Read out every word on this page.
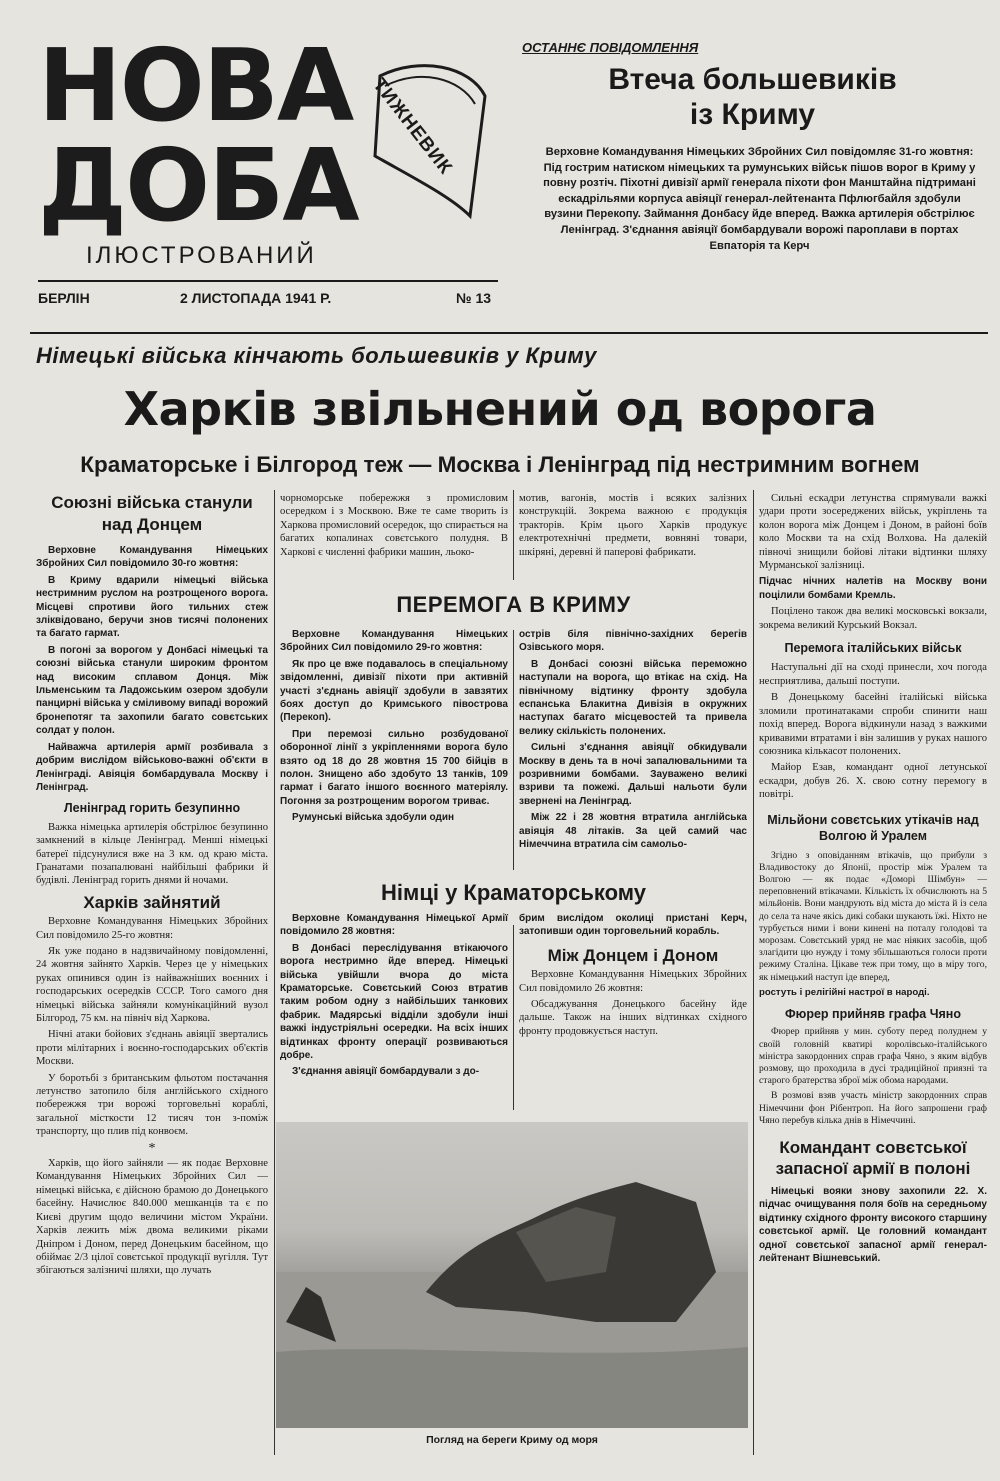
НОВА
ДОБА
ТИЖНЕВИК
ІЛЮСТРОВАНИЙ
БЕРЛІН	2 ЛИСТОПАДА 1941 Р.	№ 13
ОСТАННЄ ПОВІДОМЛЕННЯ
Втеча большевиків
із Криму

Верховне Командування Німецьких Збройних Сил повідомляє 31-го жовтня: Під гострим натиском німецьких та румунських військ пішов ворог в Криму у повну розтіч. Піхотні дивізії армії генерала піхоти фон Манштайна підтримані ескадрільями корпуса авіяції генерал-лейтенанта Пфлюгбайля здобули вузини Перекопу. Займання Донбасу йде вперед. Важка артилерія обстрілює Ленінград. З'єднання авіяції бомбардували ворожі пароплави в портах Евпаторія та Керч

Німецькі війська кінчають большевиків у Криму
Харків звільнений од ворога
Краматорське і Білгород теж — Москва і Ленінград під нестримним вогнем
Союзні війська станули над Донцем

Верховне Командування Німецьких Збройних Сил повідомило 30-го жовтня:

В Криму вдарили німецькі війська нестримним руслом на розтрощеного ворога. Місцеві спротиви його тильних стеж зліквідовано, беручи знов тисячі полонених та багато гармат.

В погоні за ворогом у Донбасі німецькі та союзні війська станули широким фронтом над високим сплавом Донця. Між Ільменським та Ладожським озером здобули панцирні війська у сміливому випаді ворожий бронепотяг та захопили багато совєтських солдат у полон.

Найважча артилерія армії розбивала з добрим вислідом військово-важні об'єкти в Ленінграді. Авіяція бомбардувала Москву і Ленінград.

Ленінград горить безупинно

Важка німецька артилерія обстрілює безупинно замкнений в кільце Ленінград. Менші німецькі батереї підсунулися вже на 3 км. од краю міста. Гранатами позапалювані найбільші фабрики й будівлі. Ленінград горить днями й ночами.

Харків зайнятий

Верховне Командування Німецьких Збройних Сил повідомило 25-го жовтня:

Як уже подано в надзвичайному повідомленні, 24 жовтня зайнято Харків. Через це у німецьких руках опинився один із найважніших воєнних і господарських осередків СССР. Того самого дня німецькі війська зайняли комунікаційний вузол Білгород, 75 км. на північ від Харкова.

Нічні атаки бойових з'єднань авіяції звертались проти мілітарних і воєнно-господарських об'єктів Москви.

У боротьбі з британським фльотом постачання летунство затопило біля англійського східного побережжя три ворожі торговельні кораблі, загальної місткости 12 тисяч тон з-поміж транспорту, що плив під конвоєм.

*

Харків, що його зайняли — як подає Верховне Командування Німецьких Збройних Сил — німецькі війська, є дійсною брамою до Донецького басейну. Начислює 840.000 мешканців та є по Києві другим щодо величини містом України. Харків лежить між двома великими ріками Дніпром і Доном, перед Донецьким басейном, що обіймає 2/3 цілої совєтської продукції вугілля. Тут збігаються залізничі шляхи, що лучать

чорноморське побережжя з промисловим осередком і з Москвою. Вже те саме творить із Харкова промисловий осередок, що спирається на багатих копалинах совєтського полудня. В Харкові є численні фабрики машин, льоко-

мотив, вагонів, мостів і всяких залізних конструкцій. Зокрема важною є продукція тракторів. Крім цього Харків продукує електротехнічні предмети, вовняні товари, шкіряні, деревні й паперові фабрикати.

ПЕРЕМОГА В КРИМУ

Верховне Командування Німецьких Збройних Сил повідомило 29-го жовтня:

Як про це вже подавалось в спеціальному звідомленні, дивізії піхоти при активній участі з'єднань авіяції здобули в завзятих боях доступ до Кримського півострова (Перекоп).

При перемозі сильно розбудованої оборонної лінії з укріпленнями ворога було взято од 18 до 28 жовтня 15 700 бійців в полон. Знищено або здобуто 13 танків, 109 гармат і багато іншого воєнного матеріялу. Погоння за розтрощеним ворогом триває.

Румунські війська здобули один

острів біля північно-західних берегів Озівського моря.

В Донбасі союзні війська переможно наступали на ворога, що втікає на схід. На північному відтинку фронту здобула еспанська Блакитна Дивізія в окружних наступах багато місцевостей та привела велику скількість полонених.

Сильні з'єднання авіяції обкидували Москву в день та в ночі запалювальними та розривними бомбами. Зауважено великі взриви та пожежі. Дальші нальоти були звернені на Ленінград.

Між 22 і 28 жовтня втратила англійська авіяція 48 літаків. За цей самий час Німеччина втратила сім самольо-

Німці у Краматорському

Верховне Командування Німецької Армії повідомило 28 жовтня:

В Донбасі переслідування втікаючого ворога нестримно йде вперед. Німецькі війська увійшли вчора до міста Краматорське. Совєтський Союз втратив таким робом одну з найбільших танкових фабрик. Мадярські відділи здобули інші важкі індустріяльні осередки. На всіх інших відтинках фронту операції розвиваються добре.

З'єднання авіяції бомбардували з до-

брим вислідом околиці пристані Керч, затопивши один торговельний корабль.

Між Донцем і Доном

Верховне Командування Німецьких Збройних Сил повідомило 26 жовтня:

Обсаджування Донецького басейну йде дальше. Також на інших відтинках східного фронту продовжується наступ.

Погляд на береги Криму од моря

Сильні ескадри летунства спрямували важкі удари проти зосереджених військ, укріплень та колон ворога між Донцем і Доном, в районі боїв коло Москви та на схід Волхова. На далекій півночі знищили бойові літаки відтинки шляху Мурманської залізниці.

Підчас нічних налетів на Москву вони поцілили бомбами Кремль.

Поцілено також два великі московські вокзали, зокрема великий Курський Вокзал.

Перемога італійських військ

Наступальні дії на сході принесли, хоч погода несприятлива, дальші поступи.

В Донецькому басейні італійські війська зломили протинатаками спроби спинити наш похід вперед. Ворога відкинули назад з важкими кривавими втратами і він залишив у руках нашого союзника кількасот полонених.

Майор Езав, командант одної летунської ескадри, добув 26. Х. свою сотну перемогу в повітрі.

Мільйони совєтських утікачів над Волгою й Уралем

Згідно з оповіданням втікачів, що прибули з Владивостоку до Японії, простір між Уралем та Волгою — як подає «Доморі Шімбун» — переповнений втікачами. Кількість їх обчислюють на 5 мільйонів. Вони мандрують від міста до міста й із села до села та наче якісь дикі собаки шукають їжі. Ніхто не турбується ними і вони кинені на поталу голодові та морозам. Совєтський уряд не має ніяких засобів, щоб злагідити цю нужду і тому збільшаються голоси проти режиму Сталіна. Цікаве теж при тому, що в міру того, як німецький наступ іде вперед,

ростуть і релігійні настрої в народі.

Фюрер прийняв графа Чяно

Фюрер прийняв у мин. суботу перед полуднем у своїй головній кватирі королівсько-італійського міністра закордонних справ графа Чяно, з яким відбув розмову, що проходила в дусі традиційної приязні та старого братерства зброї між обома народами.

В розмові взяв участь міністр закордонних справ Німеччини фон Рібентроп. На його запрошени граф Чяно перебув кілька днів в Німеччині.

Командант совєтської запасної армії в полоні

Німецькі вояки знову захопили 22. Х. підчас очищування поля боїв на середньому відтинку східного фронту високого старшину совєтської армії. Це головний командант одної совєтської запасної армії генерал-лейтенант Вішневський.
